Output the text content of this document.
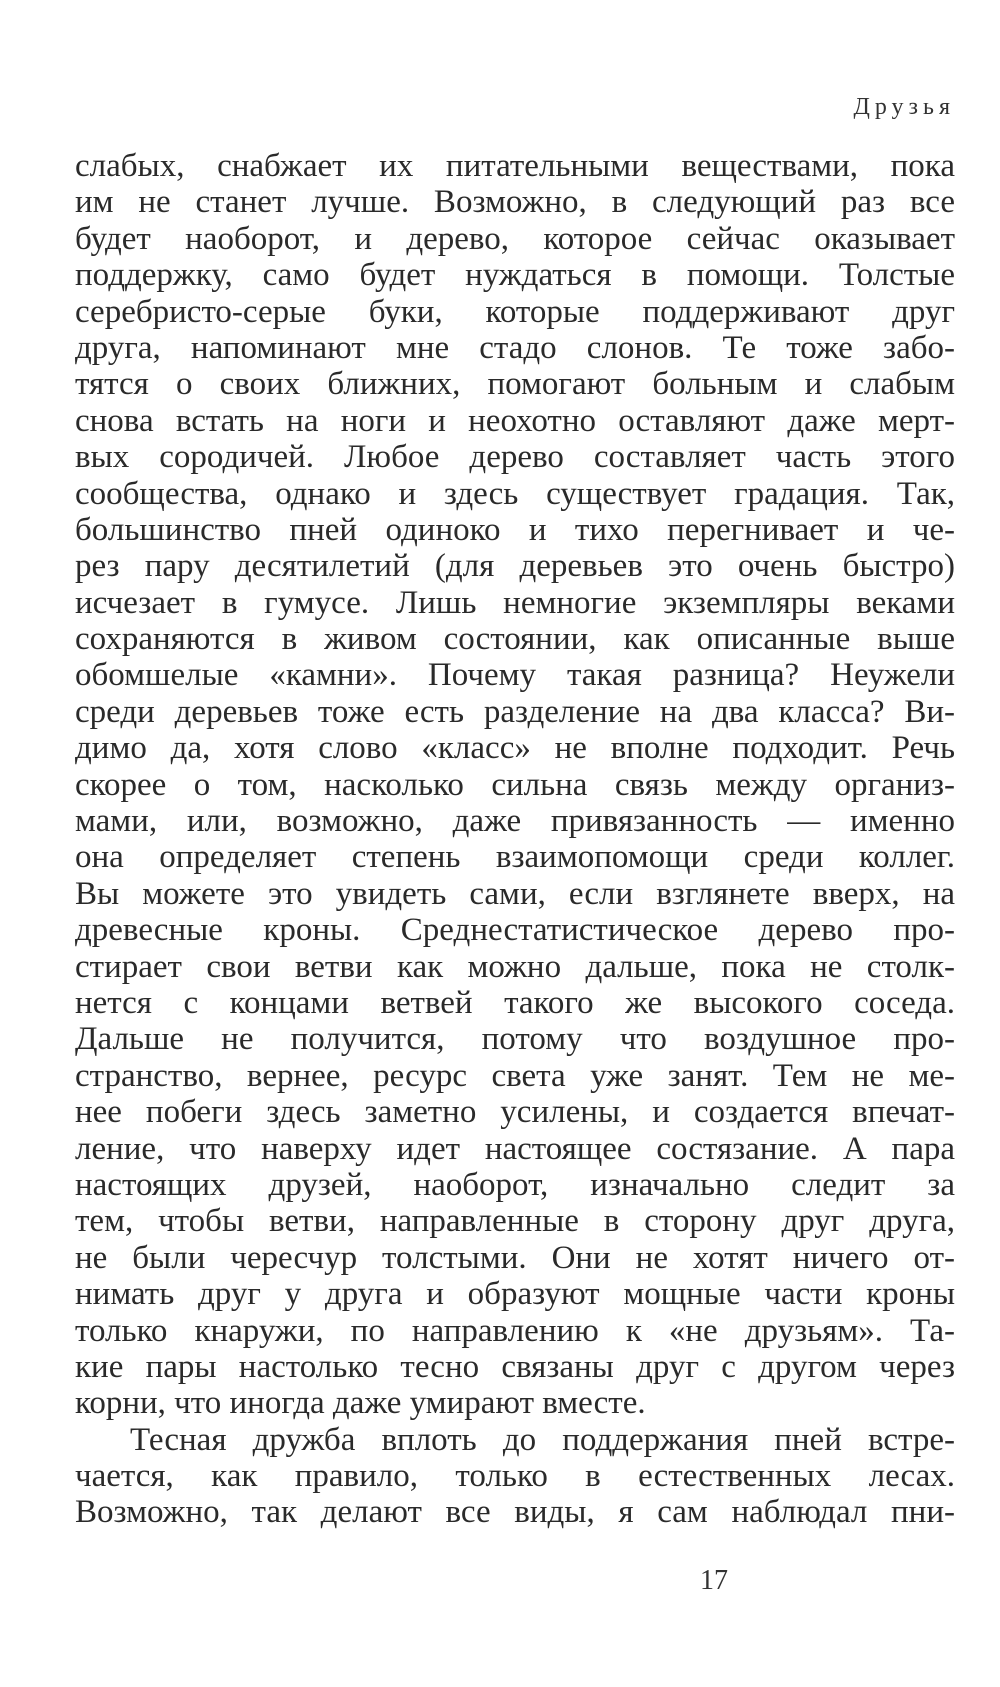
Друзья
слабых, снабжает их питательными веществами, пока
им не станет лучше. Возможно, в следующий раз все
будет наоборот, и дерево, которое сейчас оказывает
поддержку, само будет нуждаться в помощи. Толстые
серебристо-серые буки, которые поддерживают друг
друга, напоминают мне стадо слонов. Те тоже забо-
тятся о своих ближних, помогают больным и слабым
снова встать на ноги и неохотно оставляют даже мерт-
вых сородичей. Любое дерево составляет часть этого
сообщества, однако и здесь существует градация. Так,
большинство пней одиноко и тихо перегнивает и че-
рез пару десятилетий (для деревьев это очень быстро)
исчезает в гумусе. Лишь немногие экземпляры веками
сохраняются в живом состоянии, как описанные выше
обомшелые «камни». Почему такая разница? Неужели
среди деревьев тоже есть разделение на два класса? Ви-
димо да, хотя слово «класс» не вполне подходит. Речь
скорее о том, насколько сильна связь между организ-
мами, или, возможно, даже привязанность — именно
она определяет степень взаимопомощи среди коллег.
Вы можете это увидеть сами, если взглянете вверх, на
древесные кроны. Среднестатистическое дерево про-
стирает свои ветви как можно дальше, пока не столк-
нется с концами ветвей такого же высокого соседа.
Дальше не получится, потому что воздушное про-
странство, вернее, ресурс света уже занят. Тем не ме-
нее побеги здесь заметно усилены, и создается впечат-
ление, что наверху идет настоящее состязание. А пара
настоящих друзей, наоборот, изначально следит за
тем, чтобы ветви, направленные в сторону друг друга,
не были чересчур толстыми. Они не хотят ничего от-
нимать друг у друга и образуют мощные части кроны
только кнаружи, по направлению к «не друзьям». Та-
кие пары настолько тесно связаны друг с другом через
корни, что иногда даже умирают вместе.
Тесная дружба вплоть до поддержания пней встре-
чается, как правило, только в естественных лесах.
Возможно, так делают все виды, я сам наблюдал пни-
17
